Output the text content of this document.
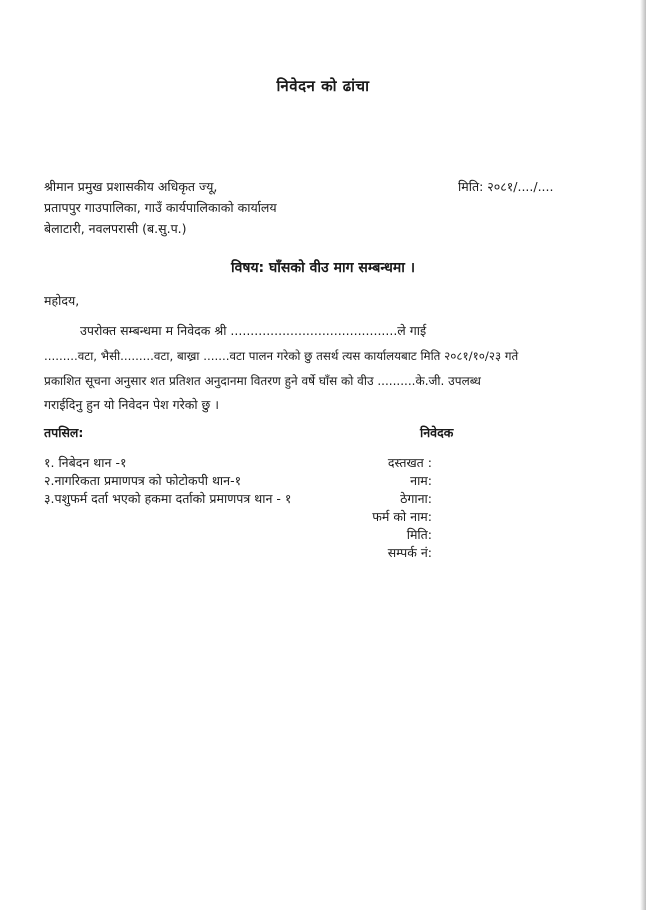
निवेदन को ढांचा
श्रीमान प्रमुख प्रशासकीय अधिकृत ज्यू,
प्रतापपुर गाउपालिका, गाउँ कार्यपालिकाको कार्यालय
बेलाटारी, नवलपरासी (ब.सु.प.)
मिति: २०८१/..../....
विषय: घाँसको वीउ माग सम्बन्धमा ।
महोदय,
उपरोक्त सम्बन्धमा म निवेदक श्री ..........................................ले गाई
.........वटा, भैसी.........वटा, बाख्रा .......वटा पालन गरेको छु तसर्थ त्यस कार्यालयबाट मिति २०८१/१०/२३ गते
प्रकाशित सूचना अनुसार शत प्रतिशत अनुदानमा वितरण हुने वर्षे घाँस को वीउ ..........के.जी. उपलब्ध
गराईदिनु हुन यो निवेदन पेश गरेको छु ।
तपसिल:	निवेदक
१. निबेदन थान -१
२.नागरिकता प्रमाणपत्र को फोटोकपी थान-१
३.पशुफर्म दर्ता भएको हकमा दर्ताको प्रमाणपत्र थान - १
दस्तखत :
नाम:
ठेगाना:
फर्म को नाम:
मिति:
सम्पर्क नं:
